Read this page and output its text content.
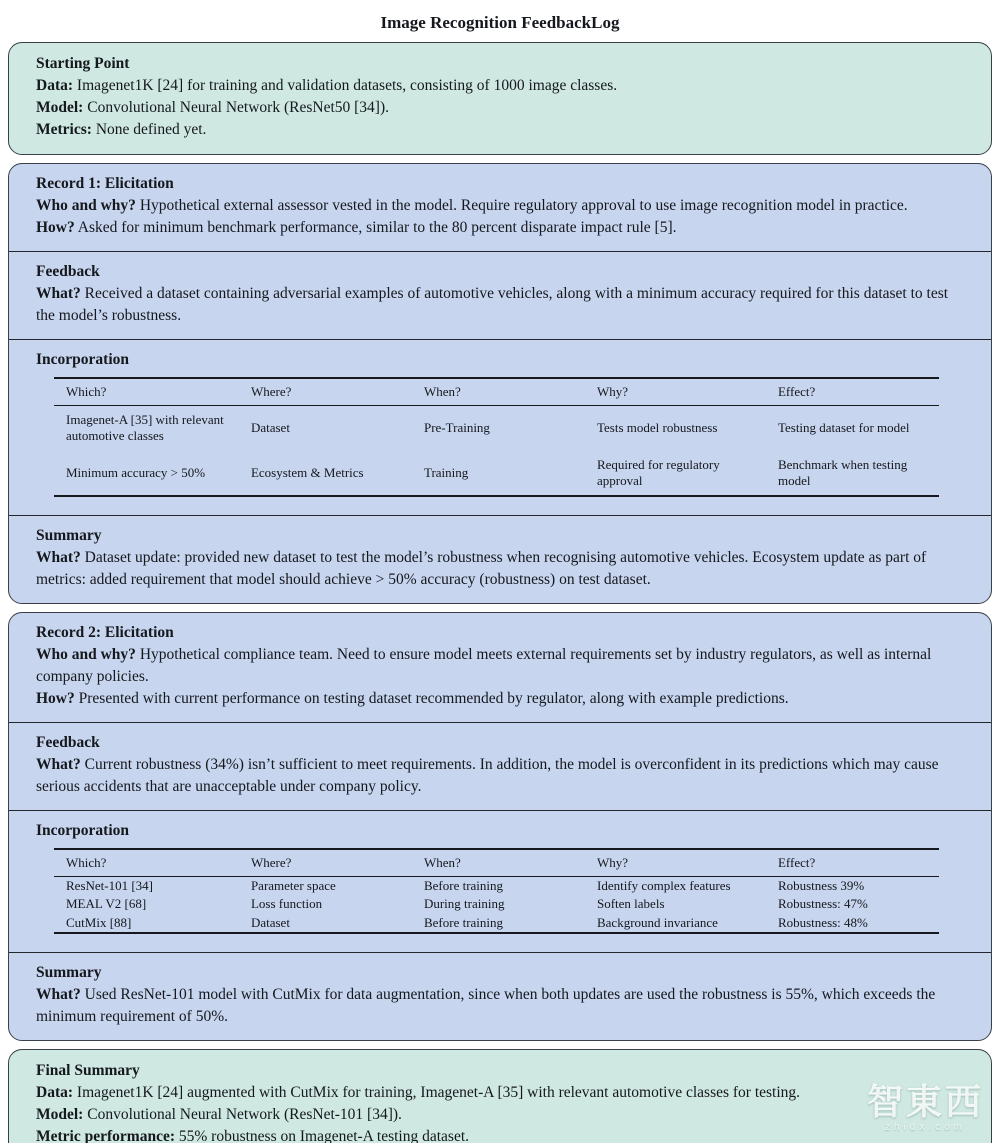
Image Recognition FeedbackLog
Starting Point

Data: Imagenet1K [24] for training and validation datasets, consisting of 1000 image classes.

Model: Convolutional Neural Network (ResNet50 [34]).

Metrics: None defined yet.

Record 1: Elicitation

Who and why? Hypothetical external assessor vested in the model. Require regulatory approval to use image recognition model in practice.

How? Asked for minimum benchmark performance, similar to the 80 percent disparate impact rule [5].

Feedback

What? Received a dataset containing adversarial examples of automotive vehicles, along with a minimum accuracy required for this dataset to test the model’s robustness.

Incorporation
Which?	Where?	When?	Why?	Effect?
Imagenet-A [35] with relevant automotive classes	Dataset	Pre-Training	Tests model robustness	Testing dataset for model
Minimum accuracy > 50%	Ecosystem & Metrics	Training	Required for regulatory approval	Benchmark when testing model
Summary

What? Dataset update: provided new dataset to test the model’s robustness when recognising automotive vehicles. Ecosystem update as part of metrics: added requirement that model should achieve > 50% accuracy (robustness) on test dataset.

Record 2: Elicitation

Who and why? Hypothetical compliance team. Need to ensure model meets external requirements set by industry regulators, as well as internal company policies.

How? Presented with current performance on testing dataset recommended by regulator, along with example predictions.

Feedback

What? Current robustness (34%) isn’t sufficient to meet requirements. In addition, the model is overconfident in its predictions which may cause serious accidents that are unacceptable under company policy.

Incorporation
Which?	Where?	When?	Why?	Effect?
ResNet-101 [34]	Parameter space	Before training	Identify complex features	Robustness 39%
MEAL V2 [68]	Loss function	During training	Soften labels	Robustness: 47%
CutMix [88]	Dataset	Before training	Background invariance	Robustness: 48%
Summary

What? Used ResNet-101 model with CutMix for data augmentation, since when both updates are used the robustness is 55%, which exceeds the minimum requirement of 50%.

Final Summary

Data: Imagenet1K [24] augmented with CutMix for training, Imagenet-A [35] with relevant automotive classes for testing.

Model: Convolutional Neural Network (ResNet-101 [34]).

Metric performance: 55% robustness on Imagenet-A testing dataset.

智東西
zhidx.com
